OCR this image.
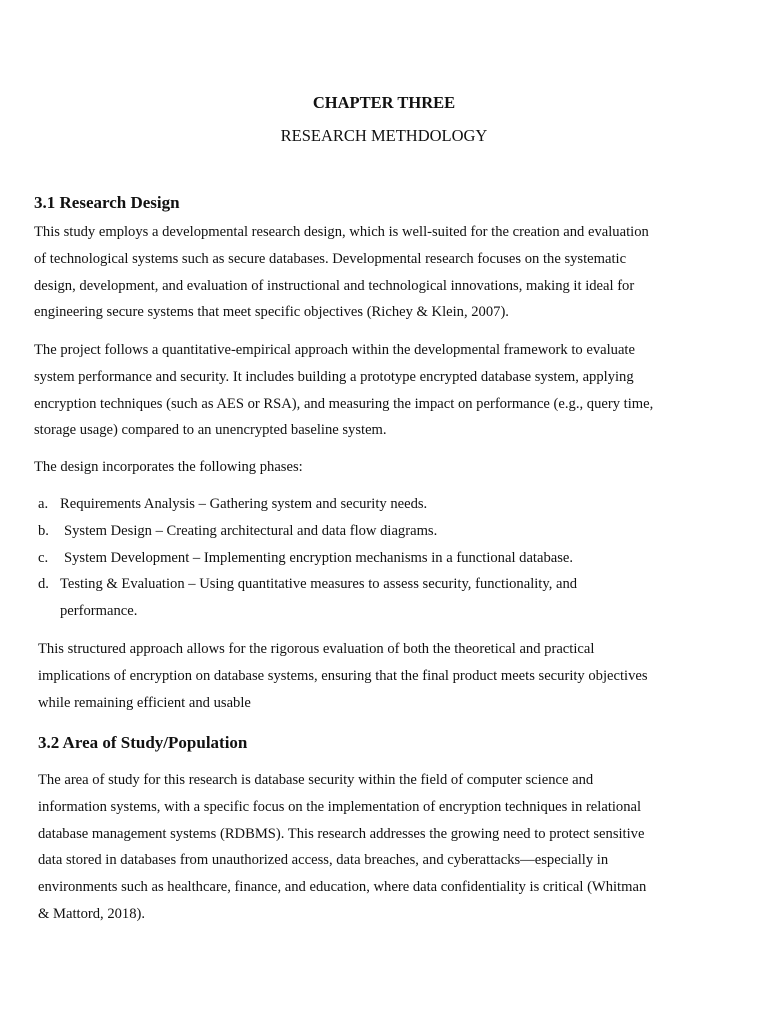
CHAPTER THREE
RESEARCH METHDOLOGY
3.1 Research Design

This study employs a developmental research design, which is well-suited for the creation and evaluation
of technological systems such as secure databases. Developmental research focuses on the systematic
design, development, and evaluation of instructional and technological innovations, making it ideal for
engineering secure systems that meet specific objectives (Richey & Klein, 2007).

The project follows a quantitative-empirical approach within the developmental framework to evaluate
system performance and security. It includes building a prototype encrypted database system, applying
encryption techniques (such as AES or RSA), and measuring the impact on performance (e.g., query time,
storage usage) compared to an unencrypted baseline system.

The design incorporates the following phases:

a. Requirements Analysis – Gathering system and security needs.
b. System Design – Creating architectural and data flow diagrams.
c. System Development – Implementing encryption mechanisms in a functional database.
d. Testing & Evaluation – Using quantitative measures to assess security, functionality, and
performance.

This structured approach allows for the rigorous evaluation of both the theoretical and practical
implications of encryption on database systems, ensuring that the final product meets security objectives
while remaining efficient and usable

3.2 Area of Study/Population

The area of study for this research is database security within the field of computer science and
information systems, with a specific focus on the implementation of encryption techniques in relational
database management systems (RDBMS). This research addresses the growing need to protect sensitive
data stored in databases from unauthorized access, data breaches, and cyberattacks—especially in
environments such as healthcare, finance, and education, where data confidentiality is critical (Whitman
& Mattord, 2018).
